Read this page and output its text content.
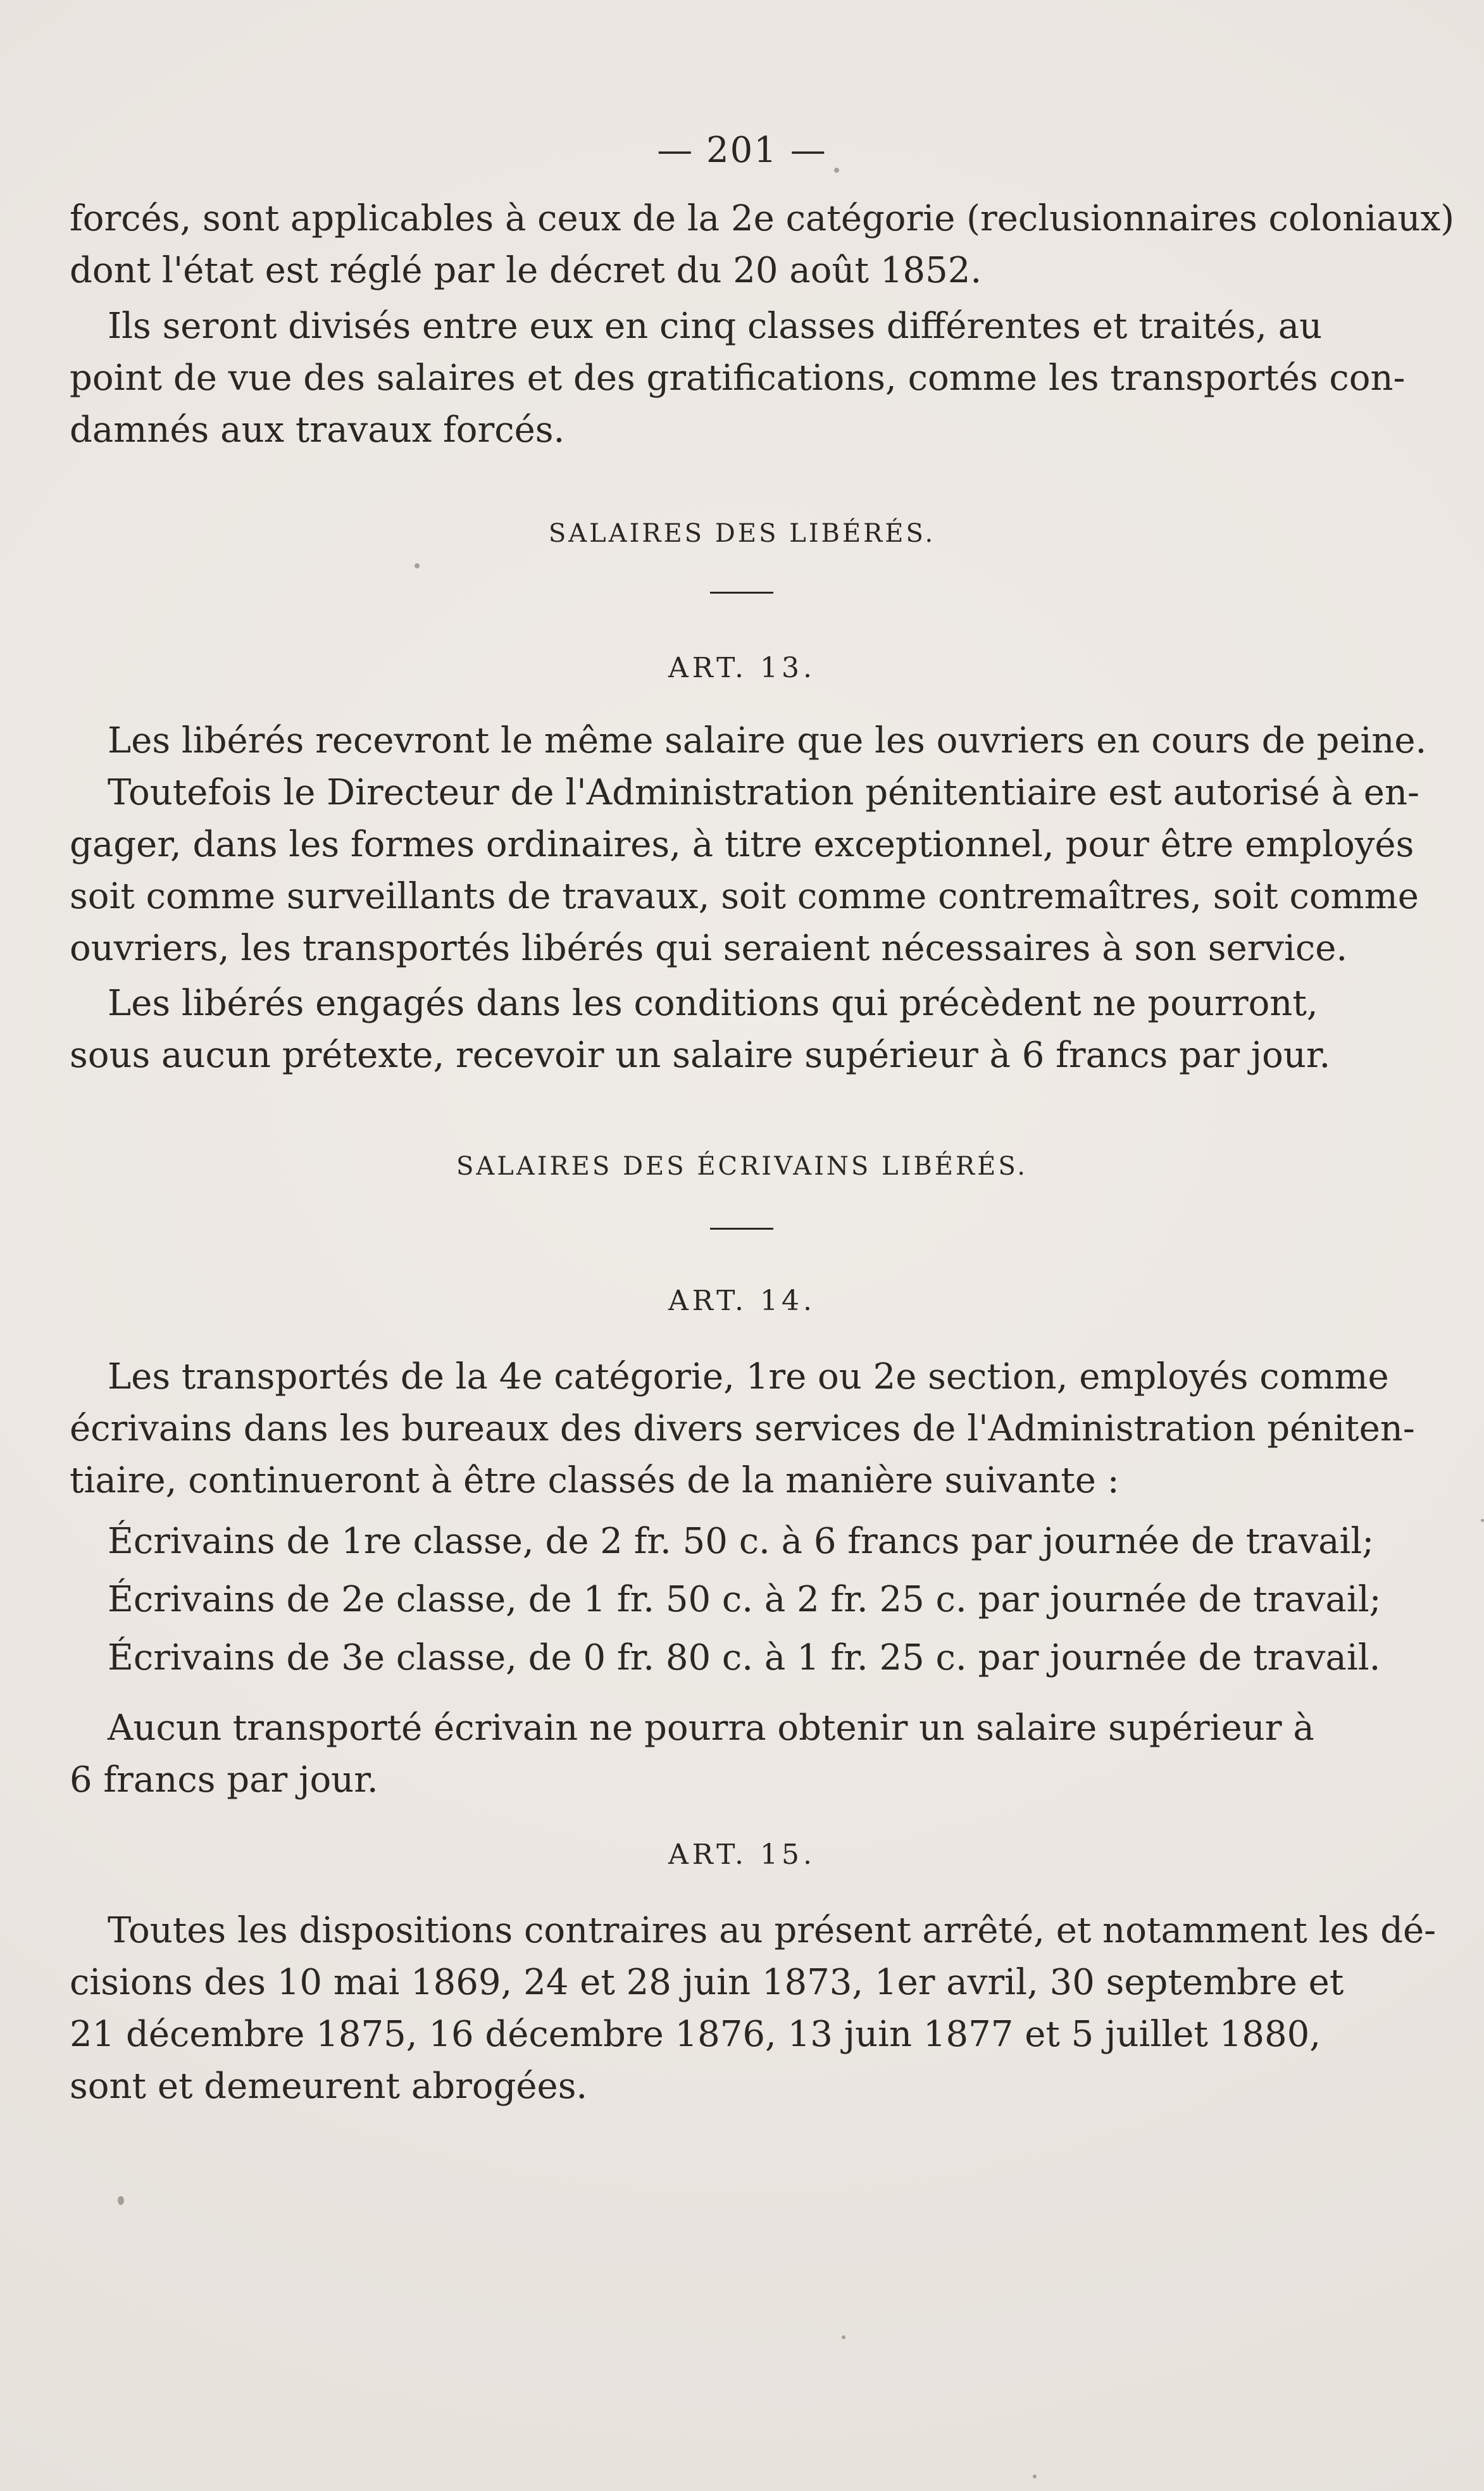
— 201 —
forcés, sont applicables à ceux de la 2e catégorie (reclusionnaires coloniaux)
dont l'état est réglé par le décret du 20 août 1852.
Ils seront divisés entre eux en cinq classes différentes et traités, au
point de vue des salaires et des gratifications, comme les transportés con-
damnés aux travaux forcés.
SALAIRES DES LIBÉRÉS.
ART. 13.
Les libérés recevront le même salaire que les ouvriers en cours de peine.
Toutefois le Directeur de l'Administration pénitentiaire est autorisé à en-
gager, dans les formes ordinaires, à titre exceptionnel, pour être employés
soit comme surveillants de travaux, soit comme contremaîtres, soit comme
ouvriers, les transportés libérés qui seraient nécessaires à son service.
Les libérés engagés dans les conditions qui précèdent ne pourront,
sous aucun prétexte, recevoir un salaire supérieur à 6 francs par jour.
SALAIRES DES ÉCRIVAINS LIBÉRÉS.
ART. 14.
Les transportés de la 4e catégorie, 1re ou 2e section, employés comme
écrivains dans les bureaux des divers services de l'Administration péniten-
tiaire, continueront à être classés de la manière suivante :
Écrivains de 1re classe, de 2 fr. 50 c. à 6 francs par journée de travail;
Écrivains de 2e classe, de 1 fr. 50 c. à 2 fr. 25 c. par journée de travail;
Écrivains de 3e classe, de 0 fr. 80 c. à 1 fr. 25 c. par journée de travail.
Aucun transporté écrivain ne pourra obtenir un salaire supérieur à
6 francs par jour.
ART. 15.
Toutes les dispositions contraires au présent arrêté, et notamment les dé-
cisions des 10 mai 1869, 24 et 28 juin 1873, 1er avril, 30 septembre et
21 décembre 1875, 16 décembre 1876, 13 juin 1877 et 5 juillet 1880,
sont et demeurent abrogées.
